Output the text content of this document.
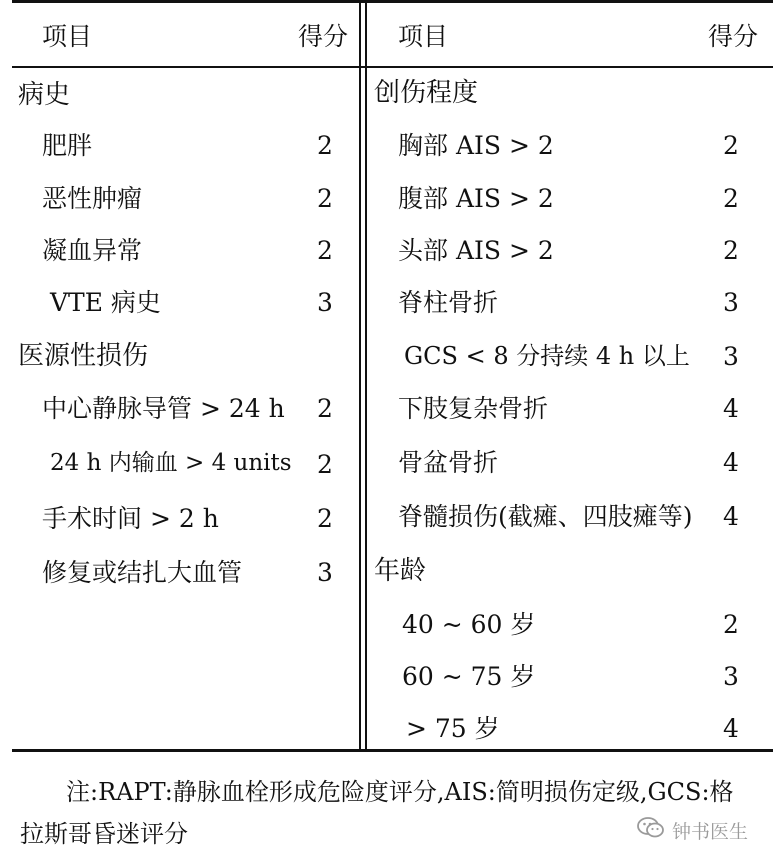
项目	得分 项目	得分
病史
肥胖	2
恶性肿瘤	2
凝血异常	2
VTE 病史	3
医源性损伤
中心静脉导管 > 24 h 2
24 h 内输血 > 4 units 2
手术时间 > 2 h	2
修复或结扎大血管	3
创伤程度
胸部 AIS > 2	2
腹部 AIS > 2	2
头部 AIS > 2	2
脊柱骨折	3
GCS < 8 分持续 4 h 以上 3
下肢复杂骨折	4
骨盆骨折	4
脊髓损伤(截瘫、四肢瘫等) 4
年龄
40 ~ 60 岁	2
60 ~ 75 岁	3
> 75 岁	4
注:RAPT:静脉血栓形成危险度评分,AIS:简明损伤定级,GCS:格
拉斯哥昏迷评分	钟书医生
